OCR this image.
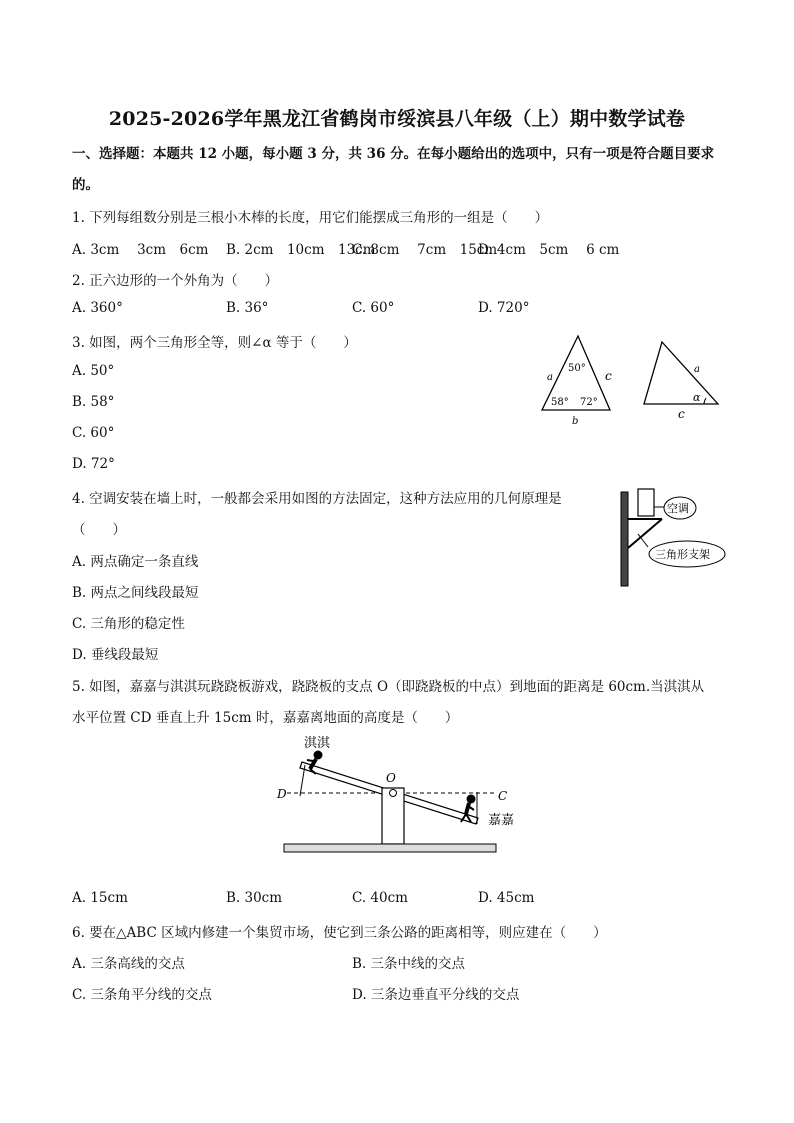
2025-2026学年黑龙江省鹤岗市绥滨县八年级（上）期中数学试卷
一、选择题：本题共 12 小题，每小题 3 分，共 36 分。在每小题给出的选项中，只有一项是符合题目要求
的。
1. 下列每组数分别是三根小木棒的长度，用它们能摆成三角形的一组是（　　）
A. 3cm　 3cm　6cm B. 2cm　10cm　13cm
C. 8cm　 7cm　15cm
D. 4cm　5cm　 6 cm
2. 正六边形的一个外角为（　　）
A. 360°	B. 36°	C. 60°	D. 720°
3. 如图，两个三角形全等，则∠α 等于（　　）
A. 50°
B. 58°
C. 60°
D. 72°
50°
58° 72°
a	c
b
a
c
α
4. 空调安装在墙上时，一般都会采用如图的方法固定，这种方法应用的几何原理是
（　　）
A. 两点确定一条直线
B. 两点之间线段最短
C. 三角形的稳定性
D. 垂线段最短
空调
三角形支架
5. 如图，嘉嘉与淇淇玩跷跷板游戏，跷跷板的支点 O（即跷跷板的中点）到地面的距离是 60cm.当淇淇从
水平位置 CD 垂直上升 15cm 时，嘉嘉离地面的高度是（　　）
淇淇
O
D	C
嘉嘉
A. 15cm	B. 30cm	C. 40cm	D. 45cm
6. 要在△ABC 区域内修建一个集贸市场，使它到三条公路的距离相等，则应建在（　　）
A. 三条高线的交点	B. 三条中线的交点
C. 三条角平分线的交点	D. 三条边垂直平分线的交点
